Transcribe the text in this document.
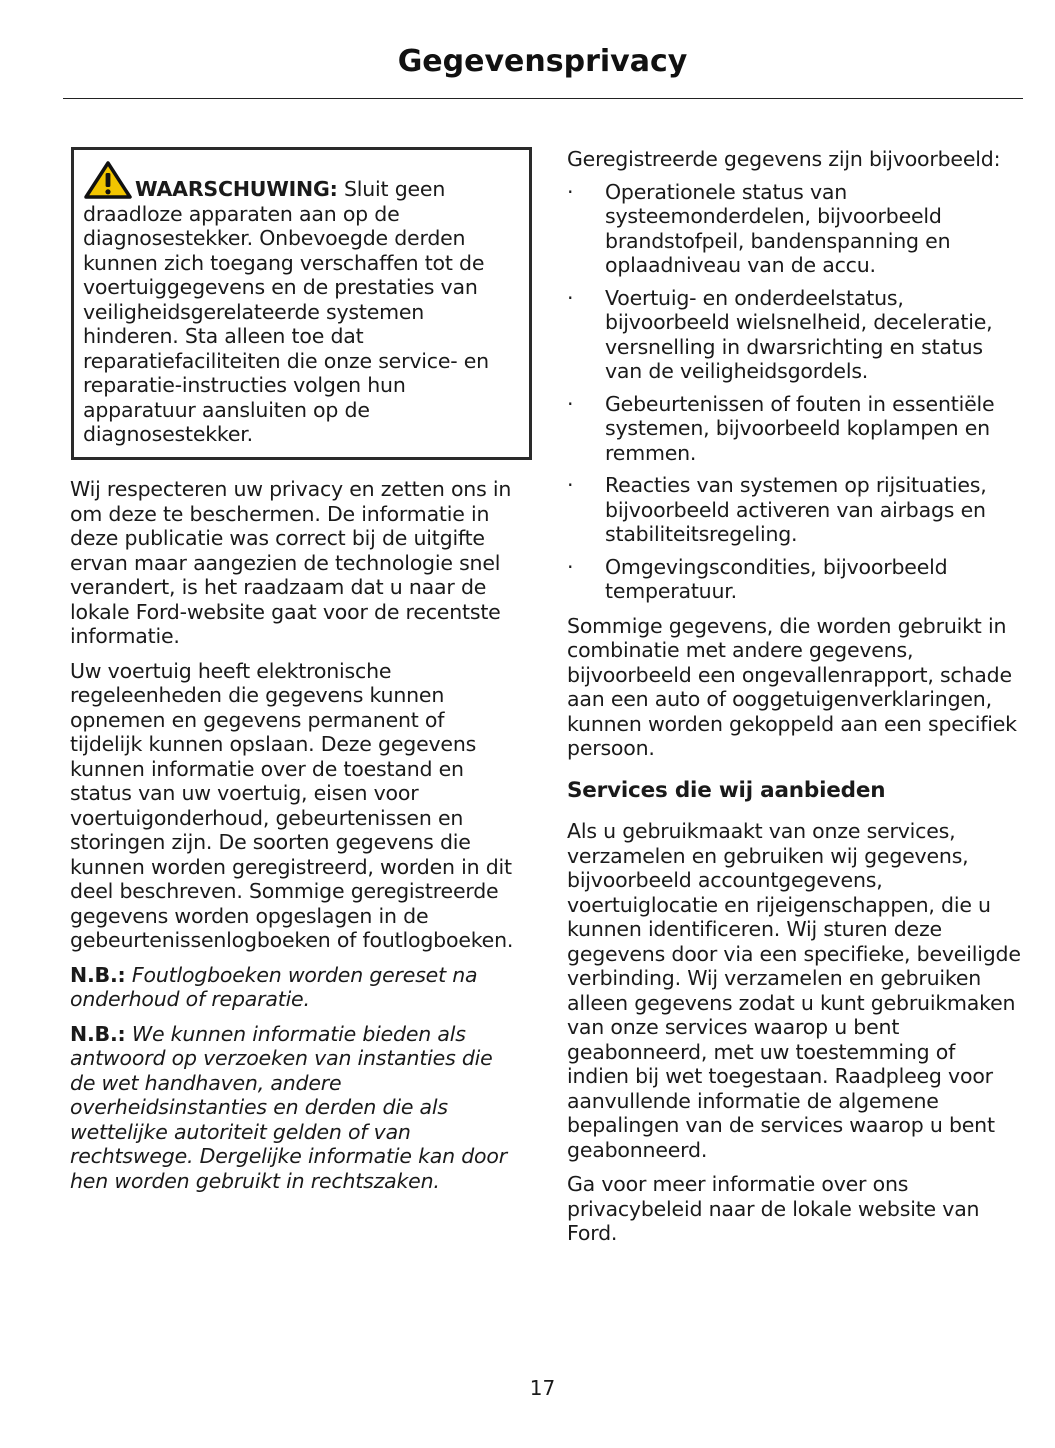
Gegevensprivacy

WAARSCHUWING: Sluit geen draadloze apparaten aan op de diagnosestekker. Onbevoegde derden kunnen zich toegang verschaffen tot de voertuiggegevens en de prestaties van veiligheidsgerelateerde systemen hinderen. Sta alleen toe dat reparatiefaciliteiten die onze service- en reparatie-instructies volgen hun apparatuur aansluiten op de diagnosestekker.

Wij respecteren uw privacy en zetten ons in om deze te beschermen. De informatie in deze publicatie was correct bij de uitgifte ervan maar aangezien de technologie snel verandert, is het raadzaam dat u naar de lokale Ford-website gaat voor de recentste informatie.

Uw voertuig heeft elektronische regeleenheden die gegevens kunnen opnemen en gegevens permanent of tijdelijk kunnen opslaan. Deze gegevens kunnen informatie over de toestand en status van uw voertuig, eisen voor voertuigonderhoud, gebeurtenissen en storingen zijn. De soorten gegevens die kunnen worden geregistreerd, worden in dit deel beschreven. Sommige geregistreerde gegevens worden opgeslagen in de gebeurtenissenlogboeken of foutlogboeken.

N.B.: Foutlogboeken worden gereset na onderhoud of reparatie.

N.B.: We kunnen informatie bieden als antwoord op verzoeken van instanties die de wet handhaven, andere overheidsinstanties en derden die als wettelijke autoriteit gelden of van rechtswege. Dergelijke informatie kan door hen worden gebruikt in rechtszaken.

Geregistreerde gegevens zijn bijvoorbeeld:

· Operationele status van systeemonderdelen, bijvoorbeeld brandstofpeil, bandenspanning en oplaadniveau van de accu.
· Voertuig- en onderdeelstatus, bijvoorbeeld wielsnelheid, deceleratie, versnelling in dwarsrichting en status van de veiligheidsgordels.
· Gebeurtenissen of fouten in essentiële systemen, bijvoorbeeld koplampen en remmen.
· Reacties van systemen op rijsituaties, bijvoorbeeld activeren van airbags en stabiliteitsregeling.
· Omgevingscondities, bijvoorbeeld temperatuur.

Sommige gegevens, die worden gebruikt in combinatie met andere gegevens, bijvoorbeeld een ongevallenrapport, schade aan een auto of ooggetuigenverklaringen, kunnen worden gekoppeld aan een specifiek persoon.

Services die wij aanbieden

Als u gebruikmaakt van onze services, verzamelen en gebruiken wij gegevens, bijvoorbeeld accountgegevens, voertuiglocatie en rijeigenschappen, die u kunnen identificeren. Wij sturen deze gegevens door via een specifieke, beveiligde verbinding. Wij verzamelen en gebruiken alleen gegevens zodat u kunt gebruikmaken van onze services waarop u bent geabonneerd, met uw toestemming of indien bij wet toegestaan. Raadpleeg voor aanvullende informatie de algemene bepalingen van de services waarop u bent geabonneerd.

Ga voor meer informatie over ons privacybeleid naar de lokale website van Ford.

17
